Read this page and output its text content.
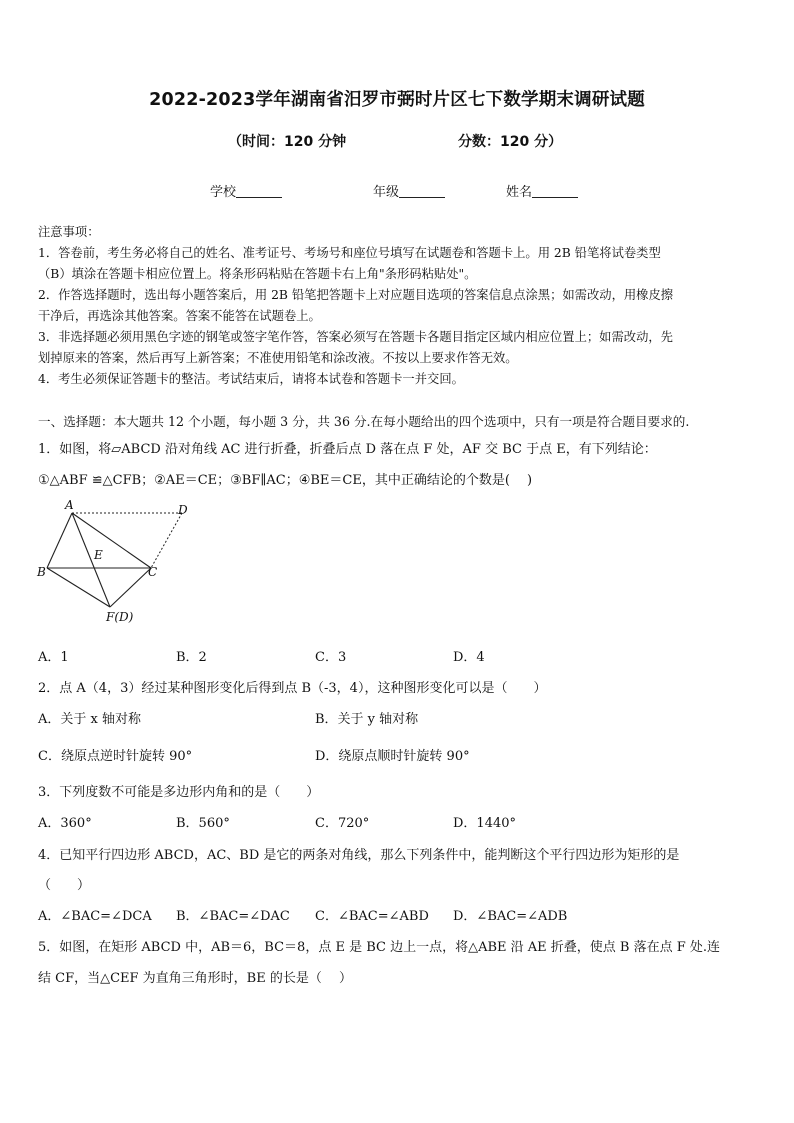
2022-2023学年湖南省汨罗市弼时片区七下数学期末调研试题
（时间：120 分钟	分数：120 分）
学校	年级	姓名
注意事项：
1．答卷前，考生务必将自己的姓名、准考证号、考场号和座位号填写在试题卷和答题卡上。用 2B 铅笔将试卷类型
（B）填涂在答题卡相应位置上。将条形码粘贴在答题卡右上角"条形码粘贴处"。
2．作答选择题时，选出每小题答案后，用 2B 铅笔把答题卡上对应题目选项的答案信息点涂黑；如需改动，用橡皮擦
干净后，再选涂其他答案。答案不能答在试题卷上。
3．非选择题必须用黑色字迹的钢笔或签字笔作答，答案必须写在答题卡各题目指定区域内相应位置上；如需改动，先
划掉原来的答案，然后再写上新答案；不准使用铅笔和涂改液。不按以上要求作答无效。
4．考生必须保证答题卡的整洁。考试结束后，请将本试卷和答题卡一并交回。
一、选择题：本大题共 12 个小题，每小题 3 分，共 36 分.在每小题给出的四个选项中，只有一项是符合题目要求的.
1．如图，将▱ABCD 沿对角线 AC 进行折叠，折叠后点 D 落在点 F 处，AF 交 BC 于点 E，有下列结论：
①△ABF ≌△CFB；②AE＝CE；③BF∥AC；④BE＝CE，其中正确结论的个数是(　 )
A	D
E
B	C
F(D)
A．1	B．2	C．3	D．4
2．点 A（4，3）经过某种图形变化后得到点 B（-3，4），这种图形变化可以是（　　）
A．关于 x 轴对称	B．关于 y 轴对称
C．绕原点逆时针旋转 90°	D．绕原点顺时针旋转 90°
3．下列度数不可能是多边形内角和的是（　　）
A．360°	B．560°	C．720°	D．1440°
4．已知平行四边形 ABCD，AC、BD 是它的两条对角线，那么下列条件中，能判断这个平行四边形为矩形的是
（　　）
A．∠BAC=∠DCA B．∠BAC=∠DAC C．∠BAC=∠ABD D．∠BAC=∠ADB
5．如图，在矩形 ABCD 中，AB＝6，BC＝8，点 E 是 BC 边上一点，将△ABE 沿 AE 折叠，使点 B 落在点 F 处.连
结 CF，当△CEF 为直角三角形时，BE 的长是（　 ）
